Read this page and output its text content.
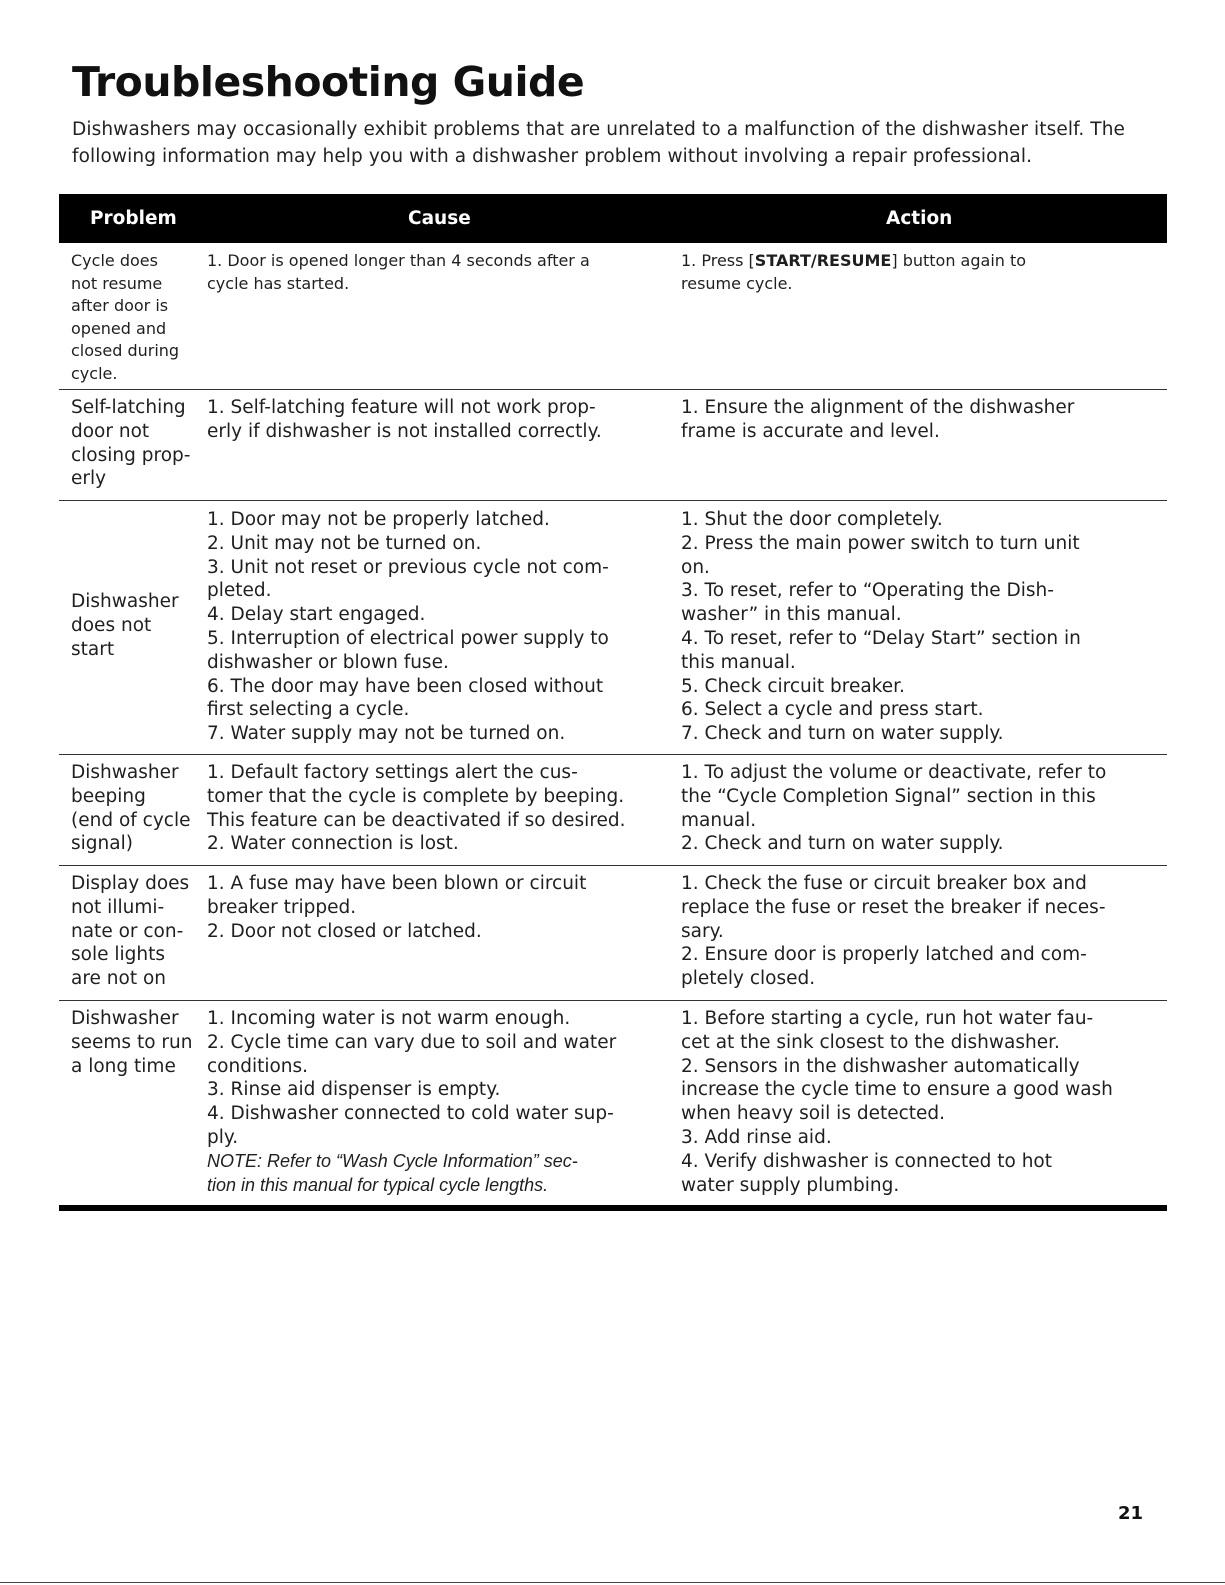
Troubleshooting Guide

Dishwashers may occasionally exhibit problems that are unrelated to a malfunction of the dishwasher itself. The
following information may help you with a dishwasher problem without involving a repair professional.

Problem	Cause	Action
Cycle does
not resume
after door is
opened and
closed during
cycle.
1. Door is opened longer than 4 seconds after a
cycle has started.
1. Press [START/RESUME] button again to
resume cycle.
Self-latching
door not
closing prop-
erly
1. Self-latching feature will not work prop-
erly if dishwasher is not installed correctly.
1. Ensure the alignment of the dishwasher
frame is accurate and level.
Dishwasher
does not
start
1. Door may not be properly latched.
2. Unit may not be turned on.
3. Unit not reset or previous cycle not com-
pleted.
4. Delay start engaged.
5. Interruption of electrical power supply to
dishwasher or blown fuse.
6. The door may have been closed without
first selecting a cycle.
7. Water supply may not be turned on.
1. Shut the door completely.
2. Press the main power switch to turn unit
on.
3. To reset, refer to “Operating the Dish-
washer” in this manual.
4. To reset, refer to “Delay Start” section in
this manual.
5. Check circuit breaker.
6. Select a cycle and press start.
7. Check and turn on water supply.
Dishwasher
beeping
(end of cycle
signal)
1. Default factory settings alert the cus-
tomer that the cycle is complete by beeping.
This feature can be deactivated if so desired.
2. Water connection is lost.
1. To adjust the volume or deactivate, refer to
the “Cycle Completion Signal” section in this
manual.
2. Check and turn on water supply.
Display does
not illumi-
nate or con-
sole lights
are not on
1. A fuse may have been blown or circuit
breaker tripped.
2. Door not closed or latched.
1. Check the fuse or circuit breaker box and
replace the fuse or reset the breaker if neces-
sary.
2. Ensure door is properly latched and com-
pletely closed.
Dishwasher
seems to run
a long time
1. Incoming water is not warm enough.
2. Cycle time can vary due to soil and water
conditions.
3. Rinse aid dispenser is empty.
4. Dishwasher connected to cold water sup-
ply.
NOTE: Refer to “Wash Cycle Information” sec-
tion in this manual for typical cycle lengths.
1. Before starting a cycle, run hot water fau-
cet at the sink closest to the dishwasher.
2. Sensors in the dishwasher automatically
increase the cycle time to ensure a good wash
when heavy soil is detected.
3. Add rinse aid.
4. Verify dishwasher is connected to hot
water supply plumbing.
21
